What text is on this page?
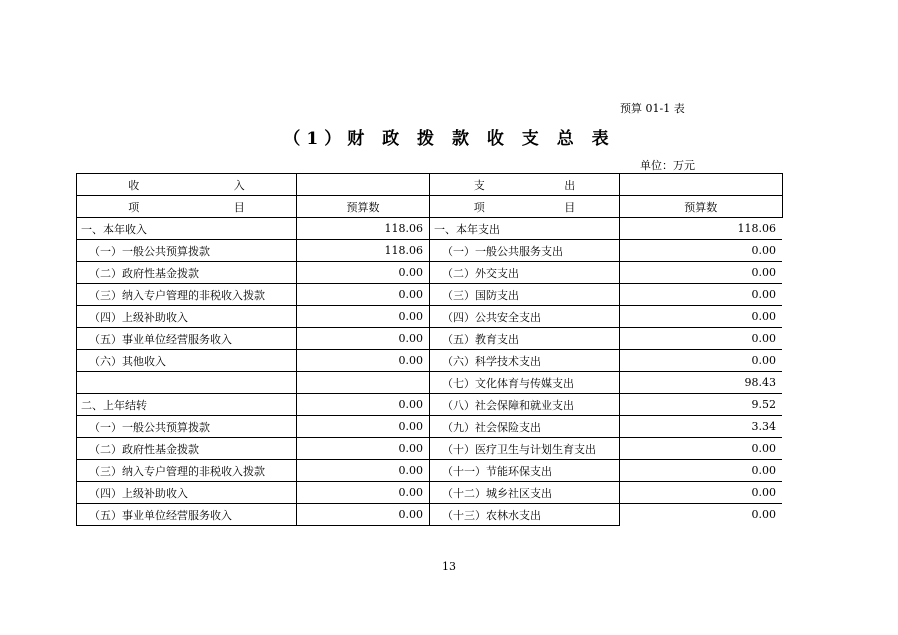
预算 01-1 表
（1）财 政 拨 款 收 支 总 表
单位：万元
收 入		支 出	

项 目	预算数	项 目	预算数
一、本年收入	118.06	一、本年支出	118.06
（一）一般公共预算拨款	118.06	（一）一般公共服务支出	0.00
（二）政府性基金拨款	0.00	（二）外交支出	0.00
（三）纳入专户管理的非税收入拨款	0.00	（三）国防支出	0.00
（四）上级补助收入	0.00	（四）公共安全支出	0.00
（五）事业单位经营服务收入	0.00	（五）教育支出	0.00
（六）其他收入	0.00	（六）科学技术支出	0.00
		（七）文化体育与传媒支出	98.43
二、上年结转	0.00	（八）社会保障和就业支出	9.52
（一）一般公共预算拨款	0.00	（九）社会保险支出	3.34
（二）政府性基金拨款	0.00	（十）医疗卫生与计划生育支出	0.00
（三）纳入专户管理的非税收入拨款	0.00	（十一）节能环保支出	0.00
（四）上级补助收入	0.00	（十二）城乡社区支出	0.00
（五）事业单位经营服务收入	0.00	（十三）农林水支出	0.00
13
